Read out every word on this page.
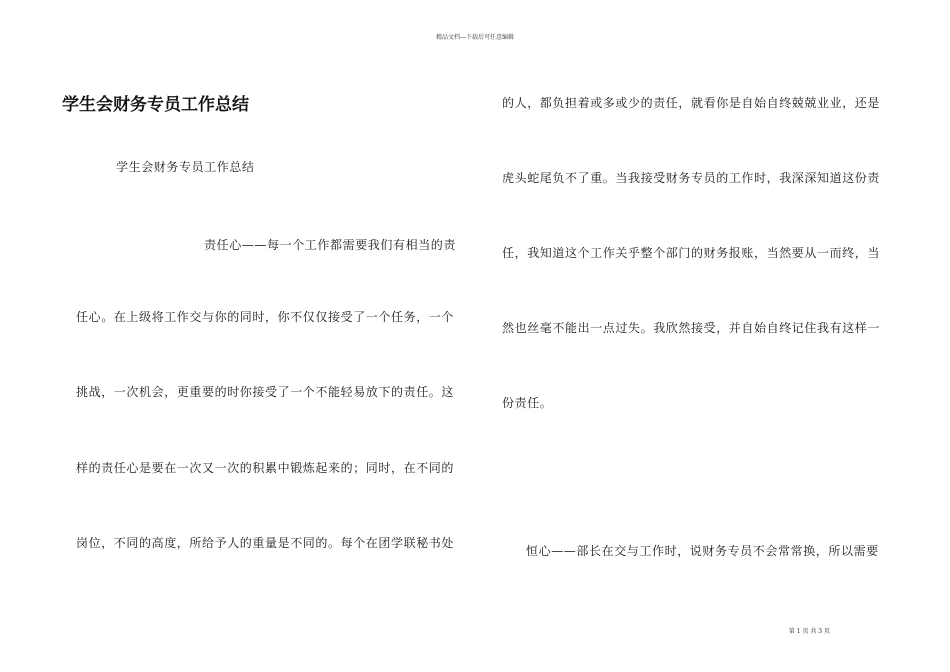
精品文档---下载后可任意编辑
学生会财务专员工作总结
学生会财务专员工作总结
责任心——每一个工作都需要我们有相当的责
任心。在上级将工作交与你的同时，你不仅仅接受了一个任务，一个
挑战，一次机会，更重要的时你接受了一个不能轻易放下的责任。这
样的责任心是要在一次又一次的积累中锻炼起来的；同时，在不同的
岗位，不同的高度，所给予人的重量是不同的。每个在团学联秘书处
的人，都负担着或多或少的责任，就看你是自始自终兢兢业业，还是
虎头蛇尾负不了重。当我接受财务专员的工作时，我深深知道这份责
任，我知道这个工作关乎整个部门的财务报账，当然要从一而终，当
然也丝毫不能出一点过失。我欣然接受，并自始自终记住我有这样一
份责任。
恒心——部长在交与工作时，说财务专员不会常常换，所以需要
第 1 页 共 3 页
